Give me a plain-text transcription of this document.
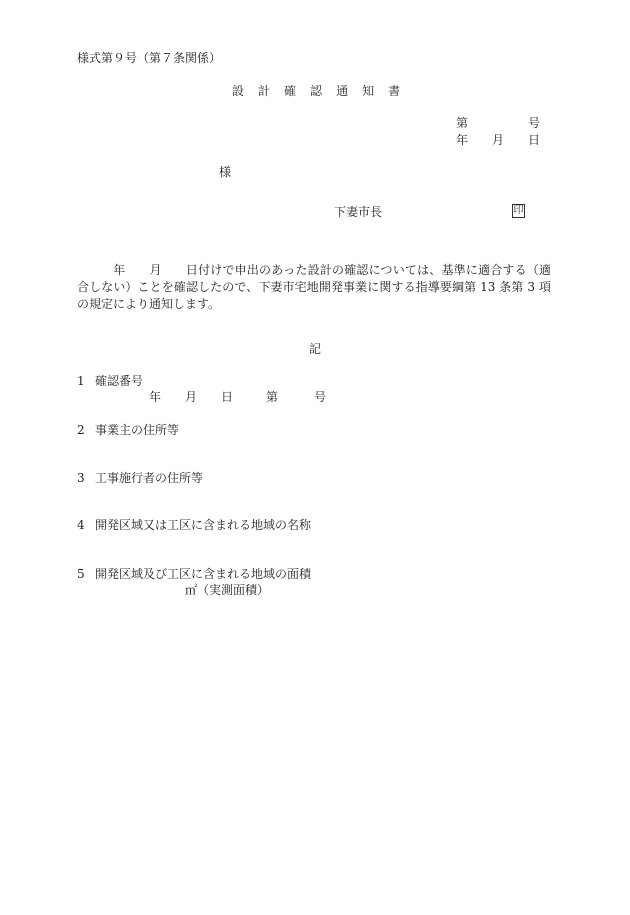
様式第９号（第７条関係）
設 計 確 認 通 知 書
第	号
年 月 日
様
下妻市長	印
年 月 日付けで申出のあった設計の確認については、基準に適合する（適合しない）ことを確認したので、下妻市宅地開発事業に関する指導要綱第 13 条第 3 項の規定により通知します。
記
1 確認番号
年 月 日	第	号
2 事業主の住所等
3 工事施行者の住所等
4 開発区域又は工区に含まれる地域の名称
5 開発区域及び工区に含まれる地域の面積
㎡（実測面積）
